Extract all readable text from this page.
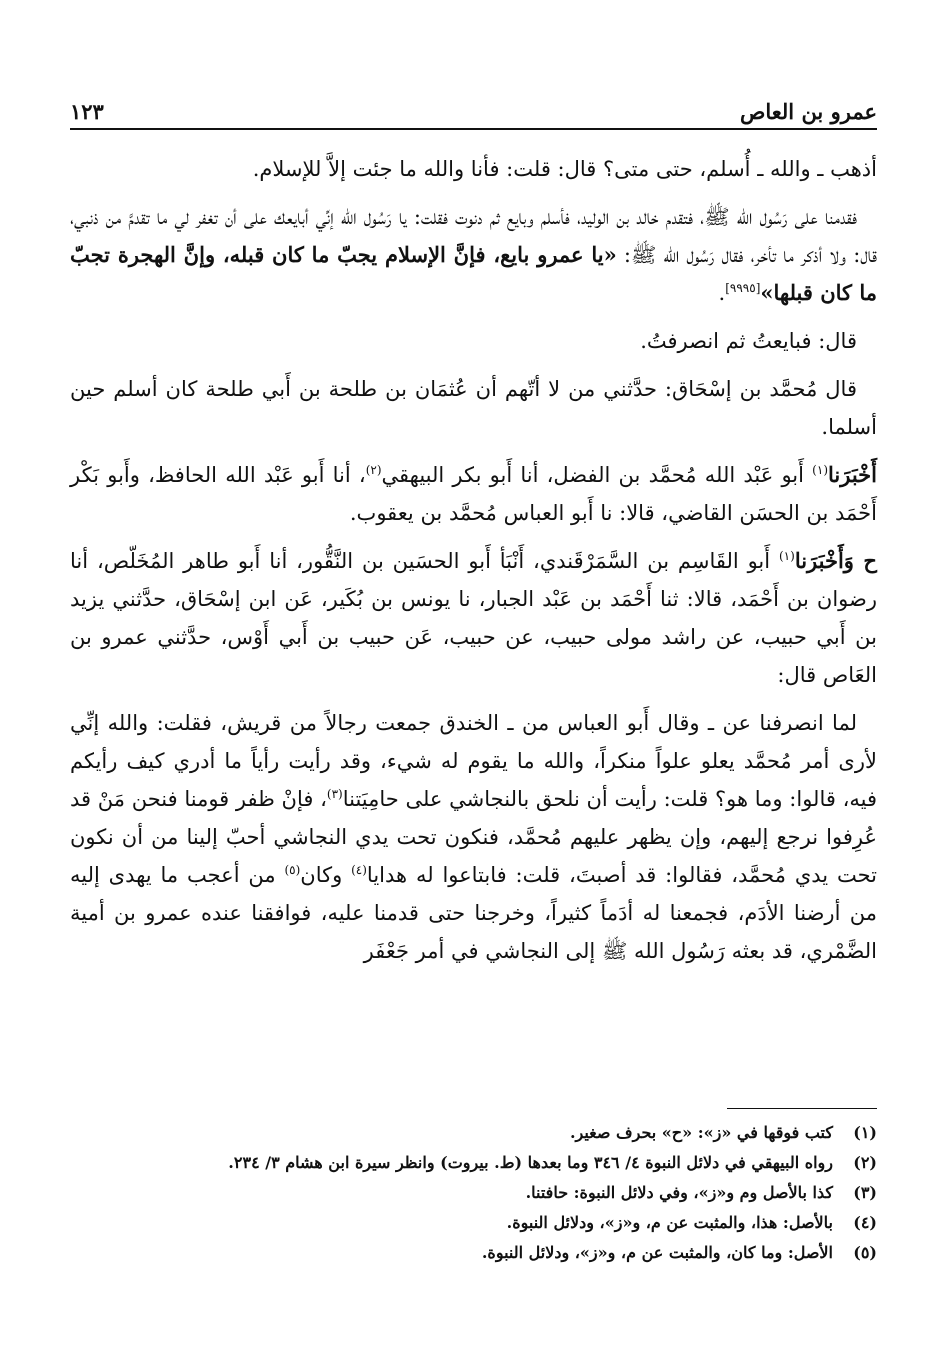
عمرو بن العاص
١٢٣

أذهب ـ والله ـ أُسلم، حتى متى؟ قال: قلت: فأنا والله ما جئت إلاَّ للإسلام.

فقدمنا على رَسُول الله ﷺ، فتقدم خالد بن الوليد، فأسلم وبايع ثم دنوت فقلت: يا رَسُول الله إنِّي أبايعك على أن تغفر لي ما تقدمَّ من ذنبي، قال: ولا أذكر ما تأخر، فقال رَسُول الله ﷺ: «يا عمرو بايع، فإنَّ الإسلام يجبّ ما كان قبله، وإنَّ الهجرة تجبّ ما كان قبلها»[٩٩٩٥].

قال: فبايعتُ ثم انصرفتُ.

قال مُحمَّد بن إسْحَاق: حدَّثني من لا أتّهم أن عُثمَان بن طلحة بن أَبي طلحة كان أسلم حين أسلما.

أَخْبَرَنا$^{(١)}$ أَبو عَبْد الله مُحمَّد بن الفضل، أنا أَبو بكر البيهقي$^{(٢)}$، أنا أَبو عَبْد الله الحافظ، وأَبو بَكْر أَحْمَد بن الحسَن القاضي، قالا: نا أَبو العباس مُحمَّد بن يعقوب.

ح وَأَخْبَرَنا$^{(١)}$ أَبو القَاسِم بن السَّمَرْقَندي، أَنْبَأ أَبو الحسَين بن النَّقُّور، أنا أَبو طاهر المُخَلّص، أنا رضوان بن أَحْمَد، قالا: ثنا أَحْمَد بن عَبْد الجبار، نا يونس بن بُكَير، عَن ابن إسْحَاق، حدَّثني يزيد بن أَبي حبيب، عن راشد مولى حبيب، عن حبيب، عَن حبيب بن أَبي أَوْس، حدَّثني عمرو بن العَاص قال:

لما انصرفنا عن ـ وقال أَبو العباس من ـ الخندق جمعت رجالاً من قريش، فقلت: والله إنِّي لأرى أمر مُحمَّد يعلو علواً منكراً، والله ما يقوم له شيء، وقد رأيت رأياً ما أدري كيف رأيكم فيه، قالوا: وما هو؟ قلت: رأيت أن نلحق بالنجاشي على حامِيَتنا$^{(٣)}$، فإنْ ظفر قومنا فنحن مَنْ قد عُرِفوا نرجع إليهم، وإن يظهر عليهم مُحمَّد، فنكون تحت يدي النجاشي أحبّ إلينا من أن نكون تحت يدي مُحمَّد، فقالوا: قد أصبتَ، قلت: فابتاعوا له هدايا$^{(٤)}$ وكان$^{(٥)}$ من أعجب ما يهدى إليه من أرضنا الأدَم، فجمعنا له أدَماً كثيراً، وخرجنا حتى قدمنا عليه، فوافقنا عنده عمرو بن أمية الضَّمْري، قد بعثه رَسُول الله ﷺ إلى النجاشي في أمر جَعْفَر

(١)
كتب فوقها في «ز»: «ح» بحرف صغير.
(٢)
رواه البيهقي في دلائل النبوة ٤/ ٣٤٦ وما بعدها (ط. بيروت) وانظر سيرة ابن هشام ٣/ ٢٣٤.
(٣)
كذا بالأصل وم و«ز»، وفي دلائل النبوة: حافتنا.
(٤)
بالأصل: هذا، والمثبت عن م، و«ز»، ودلائل النبوة.
(٥)
الأصل: وما كان، والمثبت عن م، و«ز»، ودلائل النبوة.
